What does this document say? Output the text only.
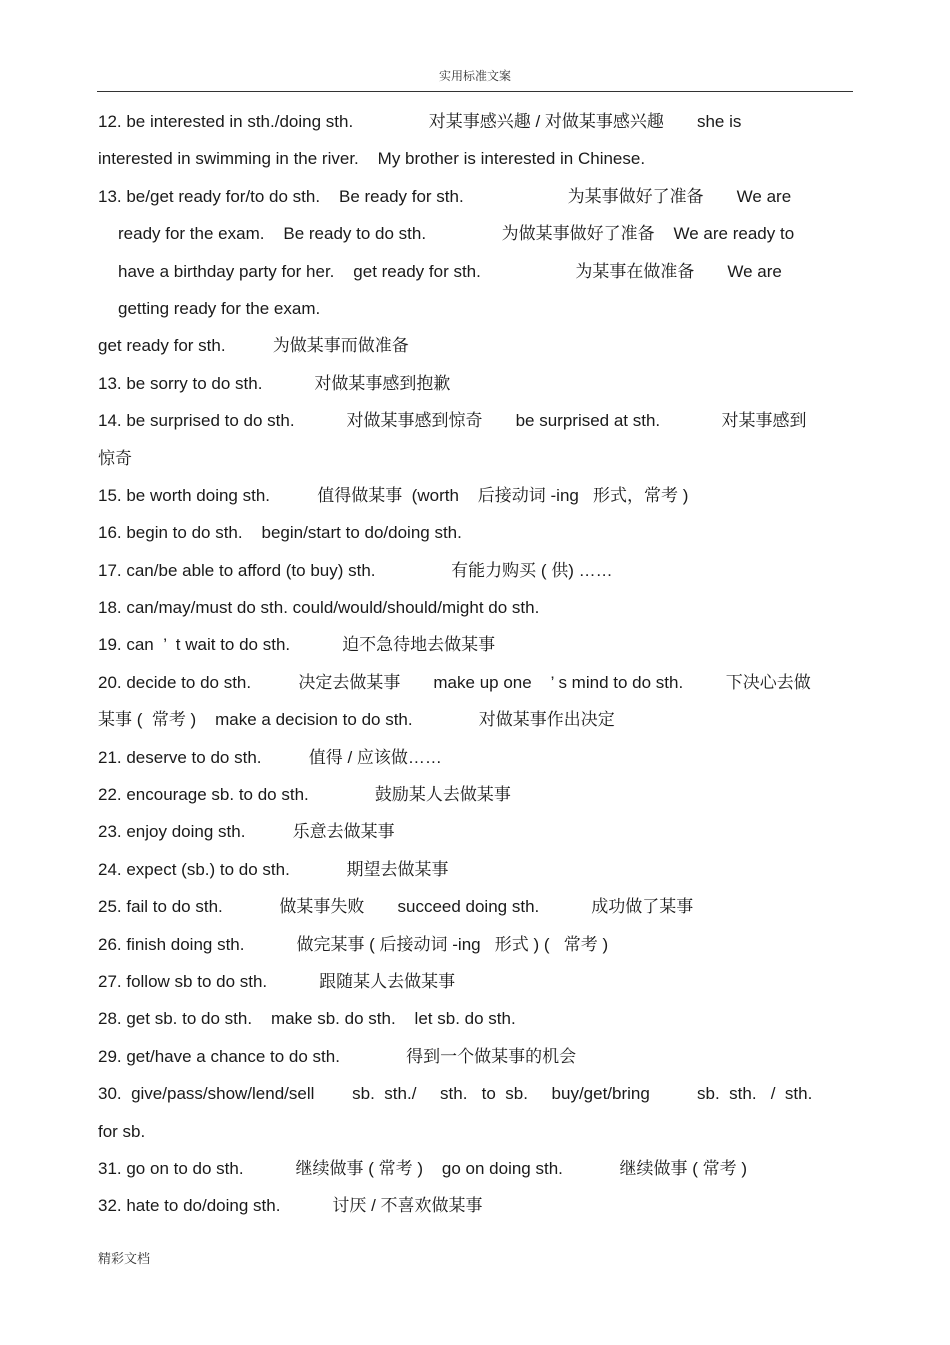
实用标准文案
12. be interested in sth./doing sth.                对某事感兴趣 / 对做某事感兴趣       she is
interested in swimming in the river.    My brother is interested in Chinese.
13. be/get ready for/to do sth.    Be ready for sth.                      为某事做好了准备       We are
ready for the exam.    Be ready to do sth.                为做某事做好了准备    We are ready to
have a birthday party for her.    get ready for sth.                    为某事在做准备       We are
getting ready for the exam.
get ready for sth.          为做某事而做准备
13. be sorry to do sth.           对做某事感到抱歉
14. be surprised to do sth.           对做某事感到惊奇       be surprised at sth.             对某事感到
惊奇
15. be worth doing sth.          值得做某事  (worth    后接动词 -ing   形式，常考 )
16. begin to do sth.    begin/start to do/doing sth.
17. can/be able to afford (to buy) sth.                有能力购买 ( 供) ……
18. can/may/must do sth. could/would/should/might do sth.
19. can  ’  t wait to do sth.           迫不急待地去做某事
20. decide to do sth.          决定去做某事       make up one    ’ s mind to do sth.         下决心去做
某事 (  常考 )    make a decision to do sth.              对做某事作出决定
21. deserve to do sth.          值得 / 应该做……
22. encourage sb. to do sth.              鼓励某人去做某事
23. enjoy doing sth.          乐意去做某事
24. expect (sb.) to do sth.            期望去做某事
25. fail to do sth.            做某事失败       succeed doing sth.           成功做了某事
26. finish doing sth.           做完某事 ( 后接动词 -ing   形式 ) (   常考 )
27. follow sb to do sth.           跟随某人去做某事
28. get sb. to do sth.    make sb. do sth.    let sb. do sth.
29. get/have a chance to do sth.              得到一个做某事的机会
30.  give/pass/show/lend/sell        sb.  sth./     sth.   to  sb.     buy/get/bring          sb.  sth.   /  sth.
for sb.
31. go on to do sth.           继续做事 ( 常考 )    go on doing sth.            继续做事 ( 常考 )
32. hate to do/doing sth.           讨厌 / 不喜欢做某事
精彩文档
